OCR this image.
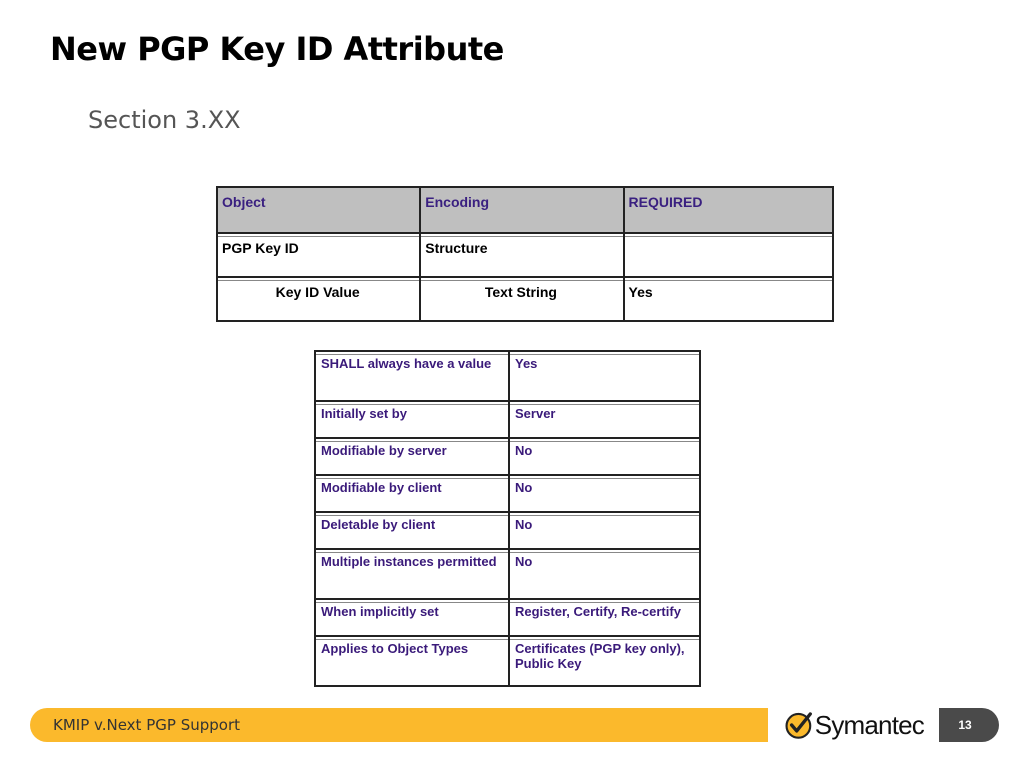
New PGP Key ID Attribute
Section 3.XX
Object	Encoding	REQUIRED
PGP Key ID	Structure	
Key ID Value	Text String	Yes
SHALL always have a value	Yes
Initially set by	Server
Modifiable by server	No
Modifiable by client	No
Deletable by client	No
Multiple instances permitted	No
When implicitly set	Register, Certify, Re-certify
Applies to Object Types	Certificates (PGP key only), Public Key
KMIP v.Next PGP Support	Symantec	13
